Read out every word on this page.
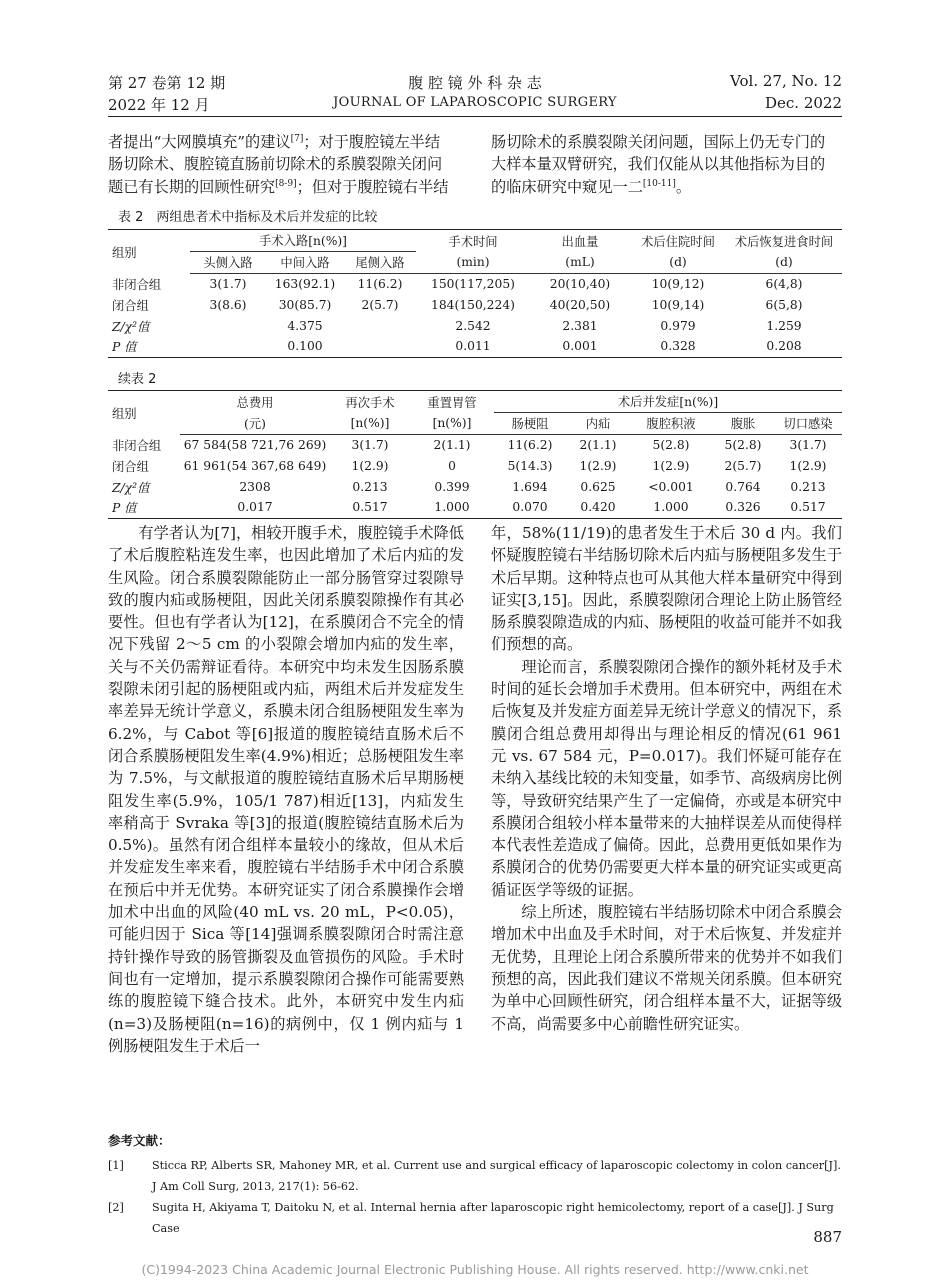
第 27 卷第 12 期
2022 年 12 月
腹 腔 镜 外 科 杂 志
JOURNAL OF LAPAROSCOPIC SURGERY
Vol. 27, No. 12
Dec. 2022
者提出“大网膜填充”的建议[7]；对于腹腔镜左半结
肠切除术、腹腔镜直肠前切除术的系膜裂隙关闭问
题已有长期的回顾性研究[8-9]；但对于腹腔镜右半结
肠切除术的系膜裂隙关闭问题，国际上仍无专门的
大样本量双臂研究，我们仅能从以其他指标为目的
的临床研究中窥见一二[10-11]。
表 2　两组患者术中指标及术后并发症的比较
组别	手术入路[n(%)]			手术时间	出血量	术后住院时间	术后恢复进食时间
	头侧入路	中间入路	尾侧入路	(min)	(mL)	(d)	(d)
非闭合组	3(1.7)	163(92.1)	11(6.2)	150(117,205)	20(10,40)	10(9,12)	6(4,8)
闭合组	3(8.6)	30(85.7)	2(5.7)	184(150,224)	40(20,50)	10(9,14)	6(5,8)
Z/χ²值		4.375		2.542	2.381	0.979	1.259
P 值		0.100		0.011	0.001	0.328	0.208
续表 2
组别	总费用	再次手术	重置胃管	术后并发症[n(%)]				
	(元)	[n(%)]	[n(%)]	肠梗阻	内疝	腹腔积液	腹胀	切口感染
非闭合组	67 584(58 721,76 269)	3(1.7)	2(1.1)	11(6.2)	2(1.1)	5(2.8)	5(2.8)	3(1.7)
闭合组	61 961(54 367,68 649)	1(2.9)	0	5(14.3)	1(2.9)	1(2.9)	2(5.7)	1(2.9)
Z/χ²值	2308	0.213	0.399	1.694	0.625	<0.001	0.764	0.213
P 值	0.017	0.517	1.000	0.070	0.420	1.000	0.326	0.517

有学者认为[7]，相较开腹手术，腹腔镜手术降低了术后腹腔粘连发生率，也因此增加了术后内疝的发生风险。闭合系膜裂隙能防止一部分肠管穿过裂隙导致的腹内疝或肠梗阻，因此关闭系膜裂隙操作有其必要性。但也有学者认为[12]，在系膜闭合不完全的情况下残留 2～5 cm 的小裂隙会增加内疝的发生率，关与不关仍需辩证看待。本研究中均未发生因肠系膜裂隙未闭引起的肠梗阻或内疝，两组术后并发症发生率差异无统计学意义，系膜未闭合组肠梗阻发生率为 6.2%，与 Cabot 等[6]报道的腹腔镜结直肠术后不闭合系膜肠梗阻发生率(4.9%)相近；总肠梗阻发生率为 7.5%，与文献报道的腹腔镜结直肠术后早期肠梗阻发生率(5.9%，105/1 787)相近[13]，内疝发生率稍高于 Svraka 等[3]的报道(腹腔镜结直肠术后为 0.5%)。虽然有闭合组样本量较小的缘故，但从术后并发症发生率来看，腹腔镜右半结肠手术中闭合系膜在预后中并无优势。本研究证实了闭合系膜操作会增加术中出血的风险(40 mL vs. 20 mL，P<0.05)，可能归因于 Sica 等[14]强调系膜裂隙闭合时需注意持针操作导致的肠管撕裂及血管损伤的风险。手术时间也有一定增加，提示系膜裂隙闭合操作可能需要熟练的腹腔镜下缝合技术。此外，本研究中发生内疝(n=3)及肠梗阻(n=16)的病例中，仅 1 例内疝与 1 例肠梗阻发生于术后一

年，58%(11/19)的患者发生于术后 30 d 内。我们怀疑腹腔镜右半结肠切除术后内疝与肠梗阻多发生于术后早期。这种特点也可从其他大样本量研究中得到证实[3,15]。因此，系膜裂隙闭合理论上防止肠管经肠系膜裂隙造成的内疝、肠梗阻的收益可能并不如我们预想的高。

理论而言，系膜裂隙闭合操作的额外耗材及手术时间的延长会增加手术费用。但本研究中，两组在术后恢复及并发症方面差异无统计学意义的情况下，系膜闭合组总费用却得出与理论相反的情况(61 961 元 vs. 67 584 元，P=0.017)。我们怀疑可能存在未纳入基线比较的未知变量，如季节、高级病房比例等，导致研究结果产生了一定偏倚，亦或是本研究中系膜闭合组较小样本量带来的大抽样误差从而使得样本代表性差造成了偏倚。因此，总费用更低如果作为系膜闭合的优势仍需要更大样本量的研究证实或更高循证医学等级的证据。

综上所述，腹腔镜右半结肠切除术中闭合系膜会增加术中出血及手术时间，对于术后恢复、并发症并无优势，且理论上闭合系膜所带来的优势并不如我们预想的高，因此我们建议不常规关闭系膜。但本研究为单中心回顾性研究，闭合组样本量不大，证据等级不高，尚需要多中心前瞻性研究证实。

参考文献：
[1]	Sticca RP, Alberts SR, Mahoney MR, et al. Current use and surgical efficacy of laparoscopic colectomy in colon cancer[J]. J Am Coll Surg, 2013, 217(1): 56-62.
[2]	Sugita H, Akiyama T, Daitoku N, et al. Internal hernia after laparoscopic right hemicolectomy, report of a case[J]. J Surg Case	887
(C)1994-2023 China Academic Journal Electronic Publishing House. All rights reserved. http://www.cnki.net
